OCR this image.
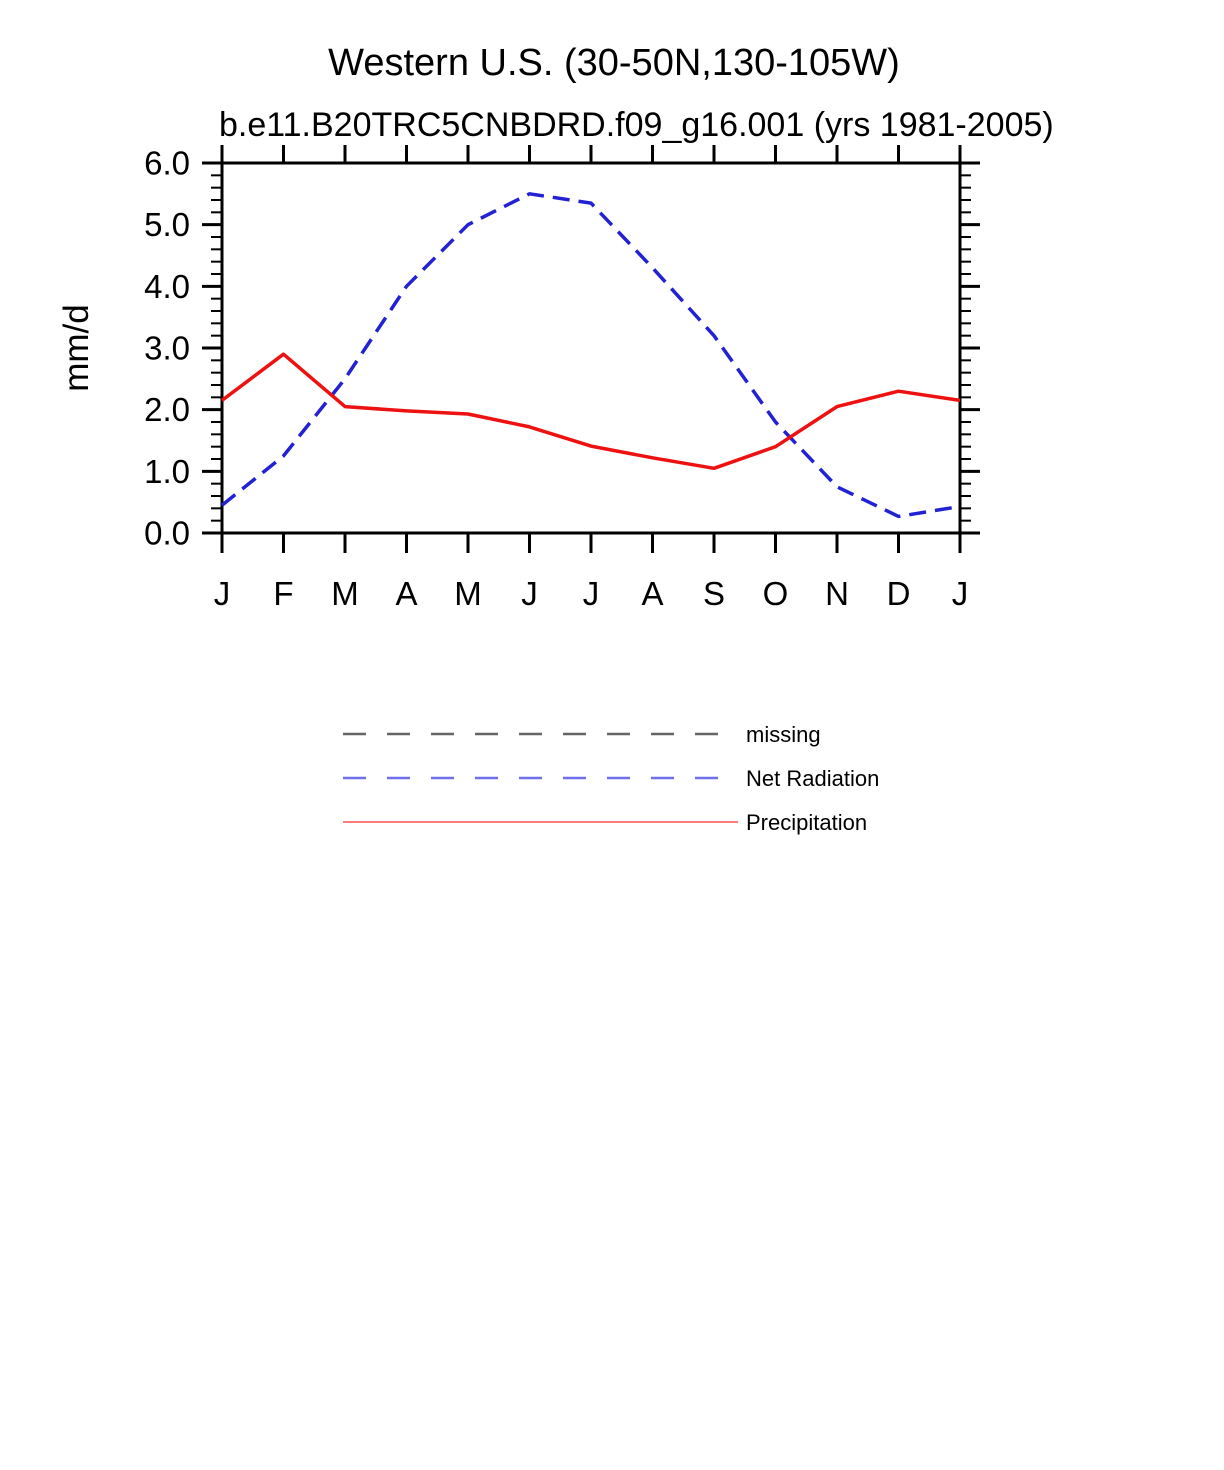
Western U.S. (30-50N,130-105W)
b.e11.B20TRC5CNBDRD.f09_g16.001 (yrs 1981-2005)
mm/d
0.0
1.0
2.0
3.0
4.0
5.0
6.0
J F M A M J J A S O N D J
missing
Net Radiation
Precipitation
